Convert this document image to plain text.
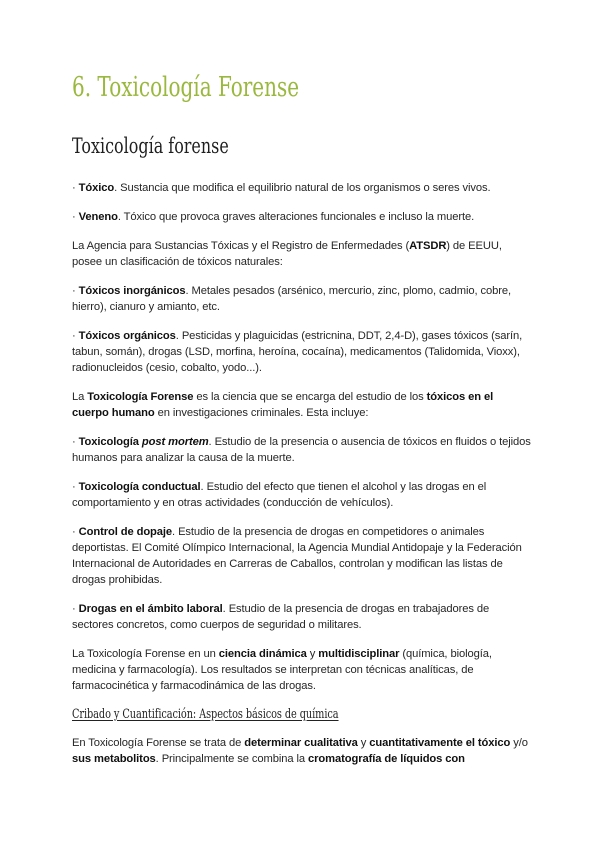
6. Toxicología Forense
Toxicología forense

· Tóxico. Sustancia que modifica el equilibrio natural de los organismos o seres vivos.

· Veneno. Tóxico que provoca graves alteraciones funcionales e incluso la muerte.

La Agencia para Sustancias Tóxicas y el Registro de Enfermedades (ATSDR) de EEUU, posee un clasificación de tóxicos naturales:

· Tóxicos inorgánicos. Metales pesados (arsénico, mercurio, zinc, plomo, cadmio, cobre, hierro), cianuro y amianto, etc.

· Tóxicos orgánicos. Pesticidas y plaguicidas (estricnina, DDT, 2,4-D), gases tóxicos (sarín, tabun, somán), drogas (LSD, morfina, heroína, cocaína), medicamentos (Talidomida, Vioxx), radionucleidos (cesio, cobalto, yodo...).

La Toxicología Forense es la ciencia que se encarga del estudio de los tóxicos en el cuerpo humano en investigaciones criminales. Esta incluye:

· Toxicología post mortem. Estudio de la presencia o ausencia de tóxicos en fluidos o tejidos humanos para analizar la causa de la muerte.

· Toxicología conductual. Estudio del efecto que tienen el alcohol y las drogas en el comportamiento y en otras actividades (conducción de vehículos).

· Control de dopaje. Estudio de la presencia de drogas en competidores o animales deportistas. El Comité Olímpico Internacional, la Agencia Mundial Antidopaje y la Federación Internacional de Autoridades en Carreras de Caballos, controlan y modifican las listas de drogas prohibidas.

· Drogas en el ámbito laboral. Estudio de la presencia de drogas en trabajadores de sectores concretos, como cuerpos de seguridad o militares.

La Toxicología Forense en un ciencia dinámica y multidisciplinar (química, biología, medicina y farmacología). Los resultados se interpretan con técnicas analíticas, de farmacocinética y farmacodinámica de las drogas.

Cribado y Cuantificación: Aspectos básicos de química

En Toxicología Forense se trata de determinar cualitativa y cuantitativamente el tóxico y/o sus metabolitos. Principalmente se combina la cromatografía de líquidos con
